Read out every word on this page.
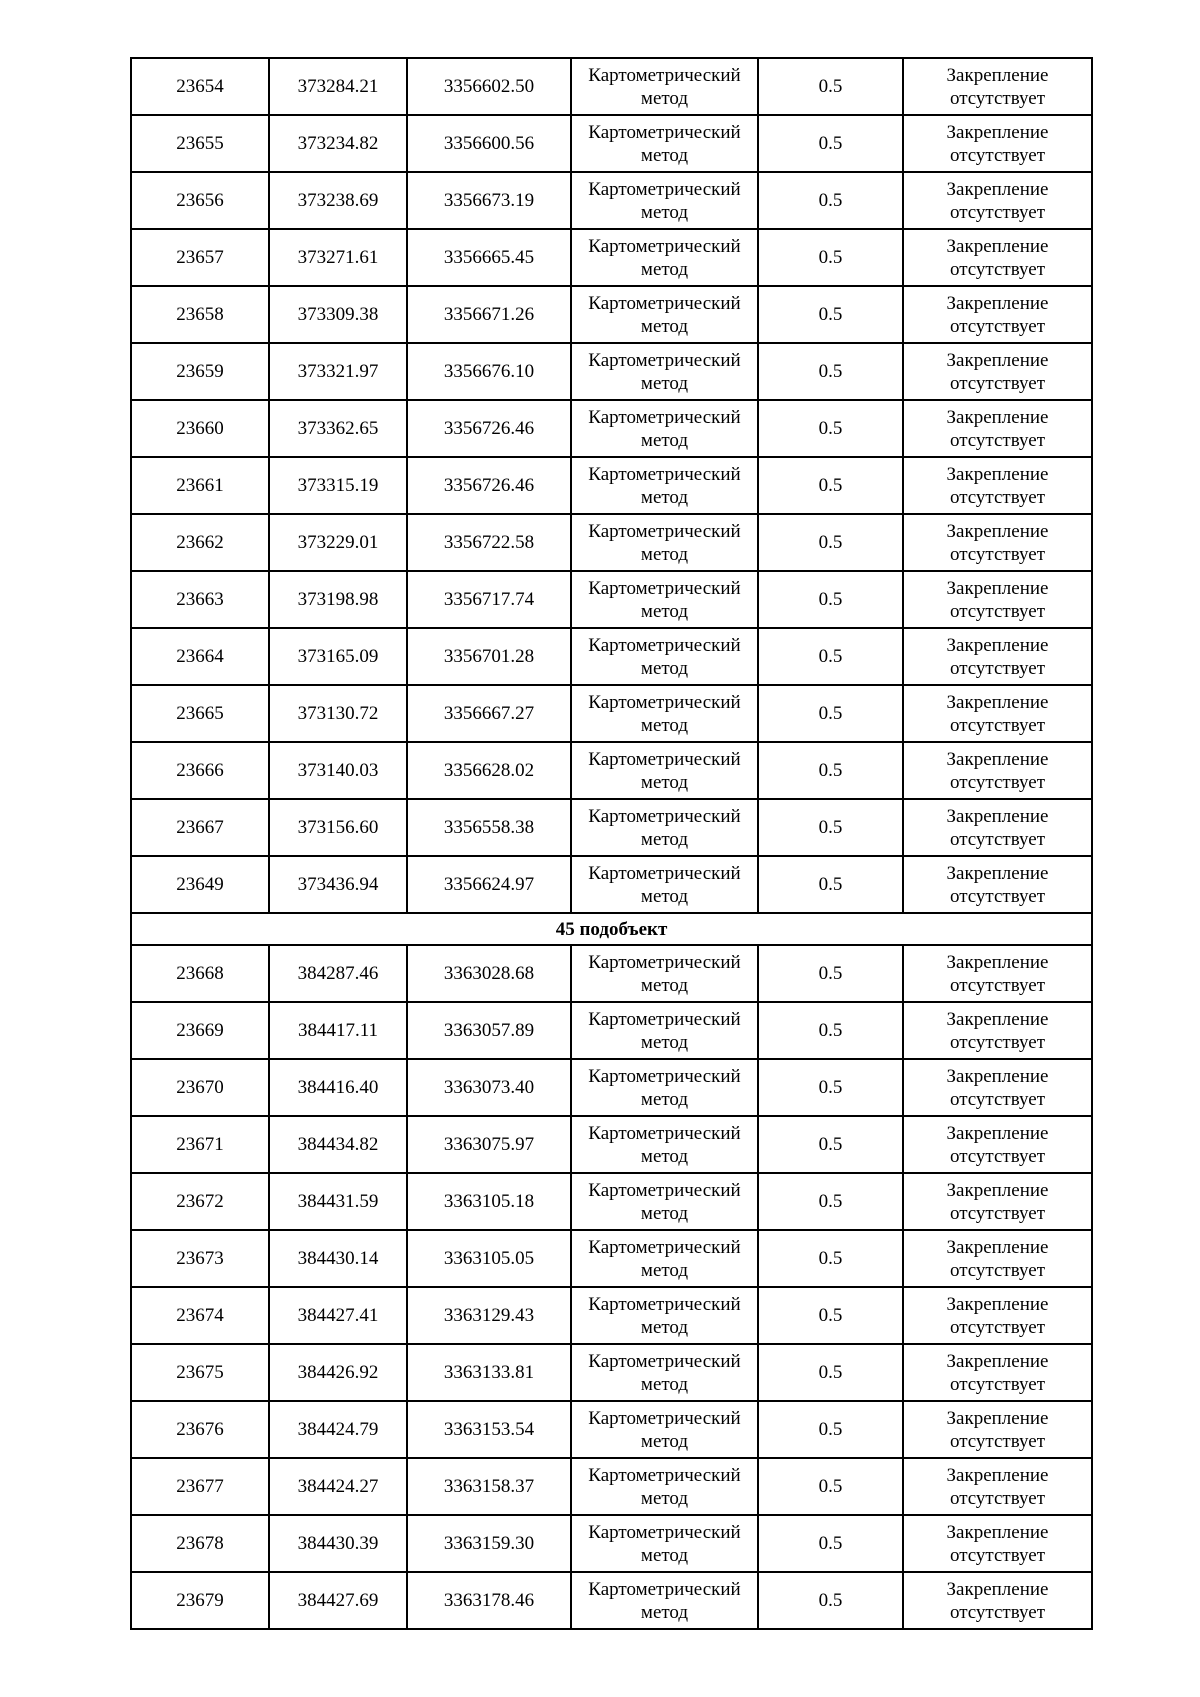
23654	373284.21	3356602.50	Картометрический метод	0.5	Закрепление отсутствует
23655	373234.82	3356600.56	Картометрический метод	0.5	Закрепление отсутствует
23656	373238.69	3356673.19	Картометрический метод	0.5	Закрепление отсутствует
23657	373271.61	3356665.45	Картометрический метод	0.5	Закрепление отсутствует
23658	373309.38	3356671.26	Картометрический метод	0.5	Закрепление отсутствует
23659	373321.97	3356676.10	Картометрический метод	0.5	Закрепление отсутствует
23660	373362.65	3356726.46	Картометрический метод	0.5	Закрепление отсутствует
23661	373315.19	3356726.46	Картометрический метод	0.5	Закрепление отсутствует
23662	373229.01	3356722.58	Картометрический метод	0.5	Закрепление отсутствует
23663	373198.98	3356717.74	Картометрический метод	0.5	Закрепление отсутствует
23664	373165.09	3356701.28	Картометрический метод	0.5	Закрепление отсутствует
23665	373130.72	3356667.27	Картометрический метод	0.5	Закрепление отсутствует
23666	373140.03	3356628.02	Картометрический метод	0.5	Закрепление отсутствует
23667	373156.60	3356558.38	Картометрический метод	0.5	Закрепление отсутствует
23649	373436.94	3356624.97	Картометрический метод	0.5	Закрепление отсутствует
45 подобъект					
23668	384287.46	3363028.68	Картометрический метод	0.5	Закрепление отсутствует
23669	384417.11	3363057.89	Картометрический метод	0.5	Закрепление отсутствует
23670	384416.40	3363073.40	Картометрический метод	0.5	Закрепление отсутствует
23671	384434.82	3363075.97	Картометрический метод	0.5	Закрепление отсутствует
23672	384431.59	3363105.18	Картометрический метод	0.5	Закрепление отсутствует
23673	384430.14	3363105.05	Картометрический метод	0.5	Закрепление отсутствует
23674	384427.41	3363129.43	Картометрический метод	0.5	Закрепление отсутствует
23675	384426.92	3363133.81	Картометрический метод	0.5	Закрепление отсутствует
23676	384424.79	3363153.54	Картометрический метод	0.5	Закрепление отсутствует
23677	384424.27	3363158.37	Картометрический метод	0.5	Закрепление отсутствует
23678	384430.39	3363159.30	Картометрический метод	0.5	Закрепление отсутствует
23679	384427.69	3363178.46	Картометрический метод	0.5	Закрепление отсутствует
